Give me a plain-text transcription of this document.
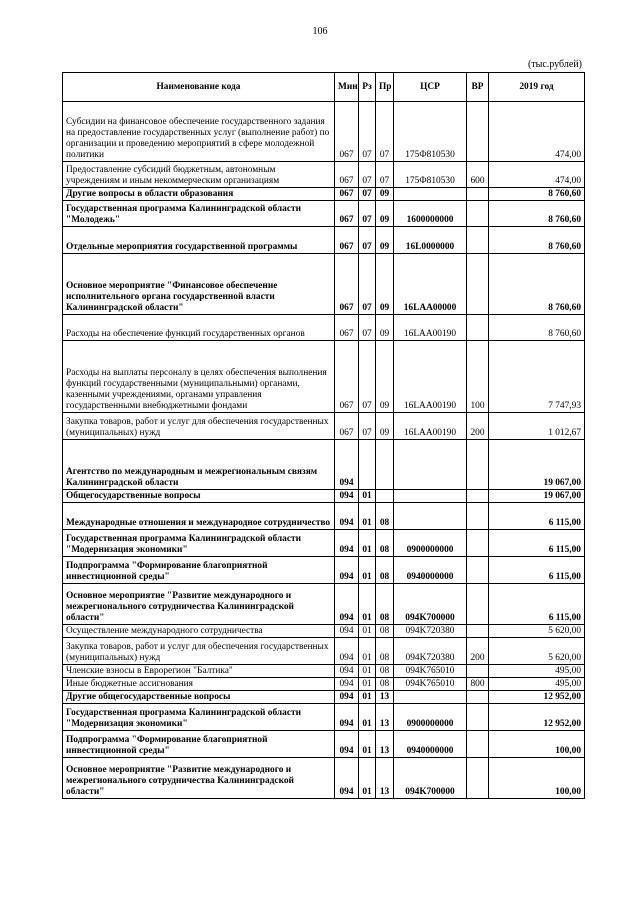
106
(тыс.рублей)
Наименование кода	Мин	Рз	Пр	ЦСР	ВР	2019 год
Субсидии на финансовое обеспечение государственного задания на предоставление государственных услуг (выполнение работ) по организации и проведению мероприятий в сфере молодежной политики	067	07	07	175Ф810530		474,00
Предоставление субсидий бюджетным, автономным учреждениям и иным некоммерческим организациям	067	07	07	175Ф810530	600	474,00
Другие вопросы в области образования	067	07	09			8 760,60
Государственная программа Калининградской области "Молодежь"	067	07	09	1600000000		8 760,60
Отдельные мероприятия государственной программы	067	07	09	16L0000000		8 760,60
Основное мероприятие "Финансовое обеспечение исполнительного органа государственной власти Калининградской области"	067	07	09	16LAA00000		8 760,60
Расходы на обеспечение функций государственных органов	067	07	09	16LAA00190		8 760,60
Расходы на выплаты персоналу в целях обеспечения выполнения функций государственными (муниципальными) органами, казенными учреждениями, органами управления государственными внебюджетными фондами	067	07	09	16LAA00190	100	7 747,93
Закупка товаров, работ и услуг для обеспечения государственных (муниципальных) нужд	067	07	09	16LAA00190	200	1 012,67
Агентство по международным и межрегиональным связям Калининградской области	094					19 067,00
Общегосударственные вопросы	094	01				19 067,00
Международные отношения и международное сотрудничество	094	01	08			6 115,00
Государственная программа Калининградской области "Модернизация экономики"	094	01	08	0900000000		6 115,00
Подпрограмма "Формирование благоприятной инвестиционной среды"	094	01	08	0940000000		6 115,00
Основное мероприятие "Развитие международного и межрегионального сотрудничества Калининградской области"	094	01	08	094K700000		6 115,00
Осуществление международного сотрудничества	094	01	08	094K720380		5 620,00
Закупка товаров, работ и услуг для обеспечения государственных (муниципальных) нужд	094	01	08	094K720380	200	5 620,00
Членские взносы в Еврорегион "Балтика"	094	01	08	094K765010		495,00
Иные бюджетные ассигнования	094	01	08	094K765010	800	495,00
Другие общегосударственные вопросы	094	01	13			12 952,00
Государственная программа Калининградской области "Модернизация экономики"	094	01	13	0900000000		12 952,00
Подпрограмма "Формирование благоприятной инвестиционной среды"	094	01	13	0940000000		100,00
Основное мероприятие "Развитие международного и межрегионального сотрудничества Калининградской области"	094	01	13	094K700000		100,00
